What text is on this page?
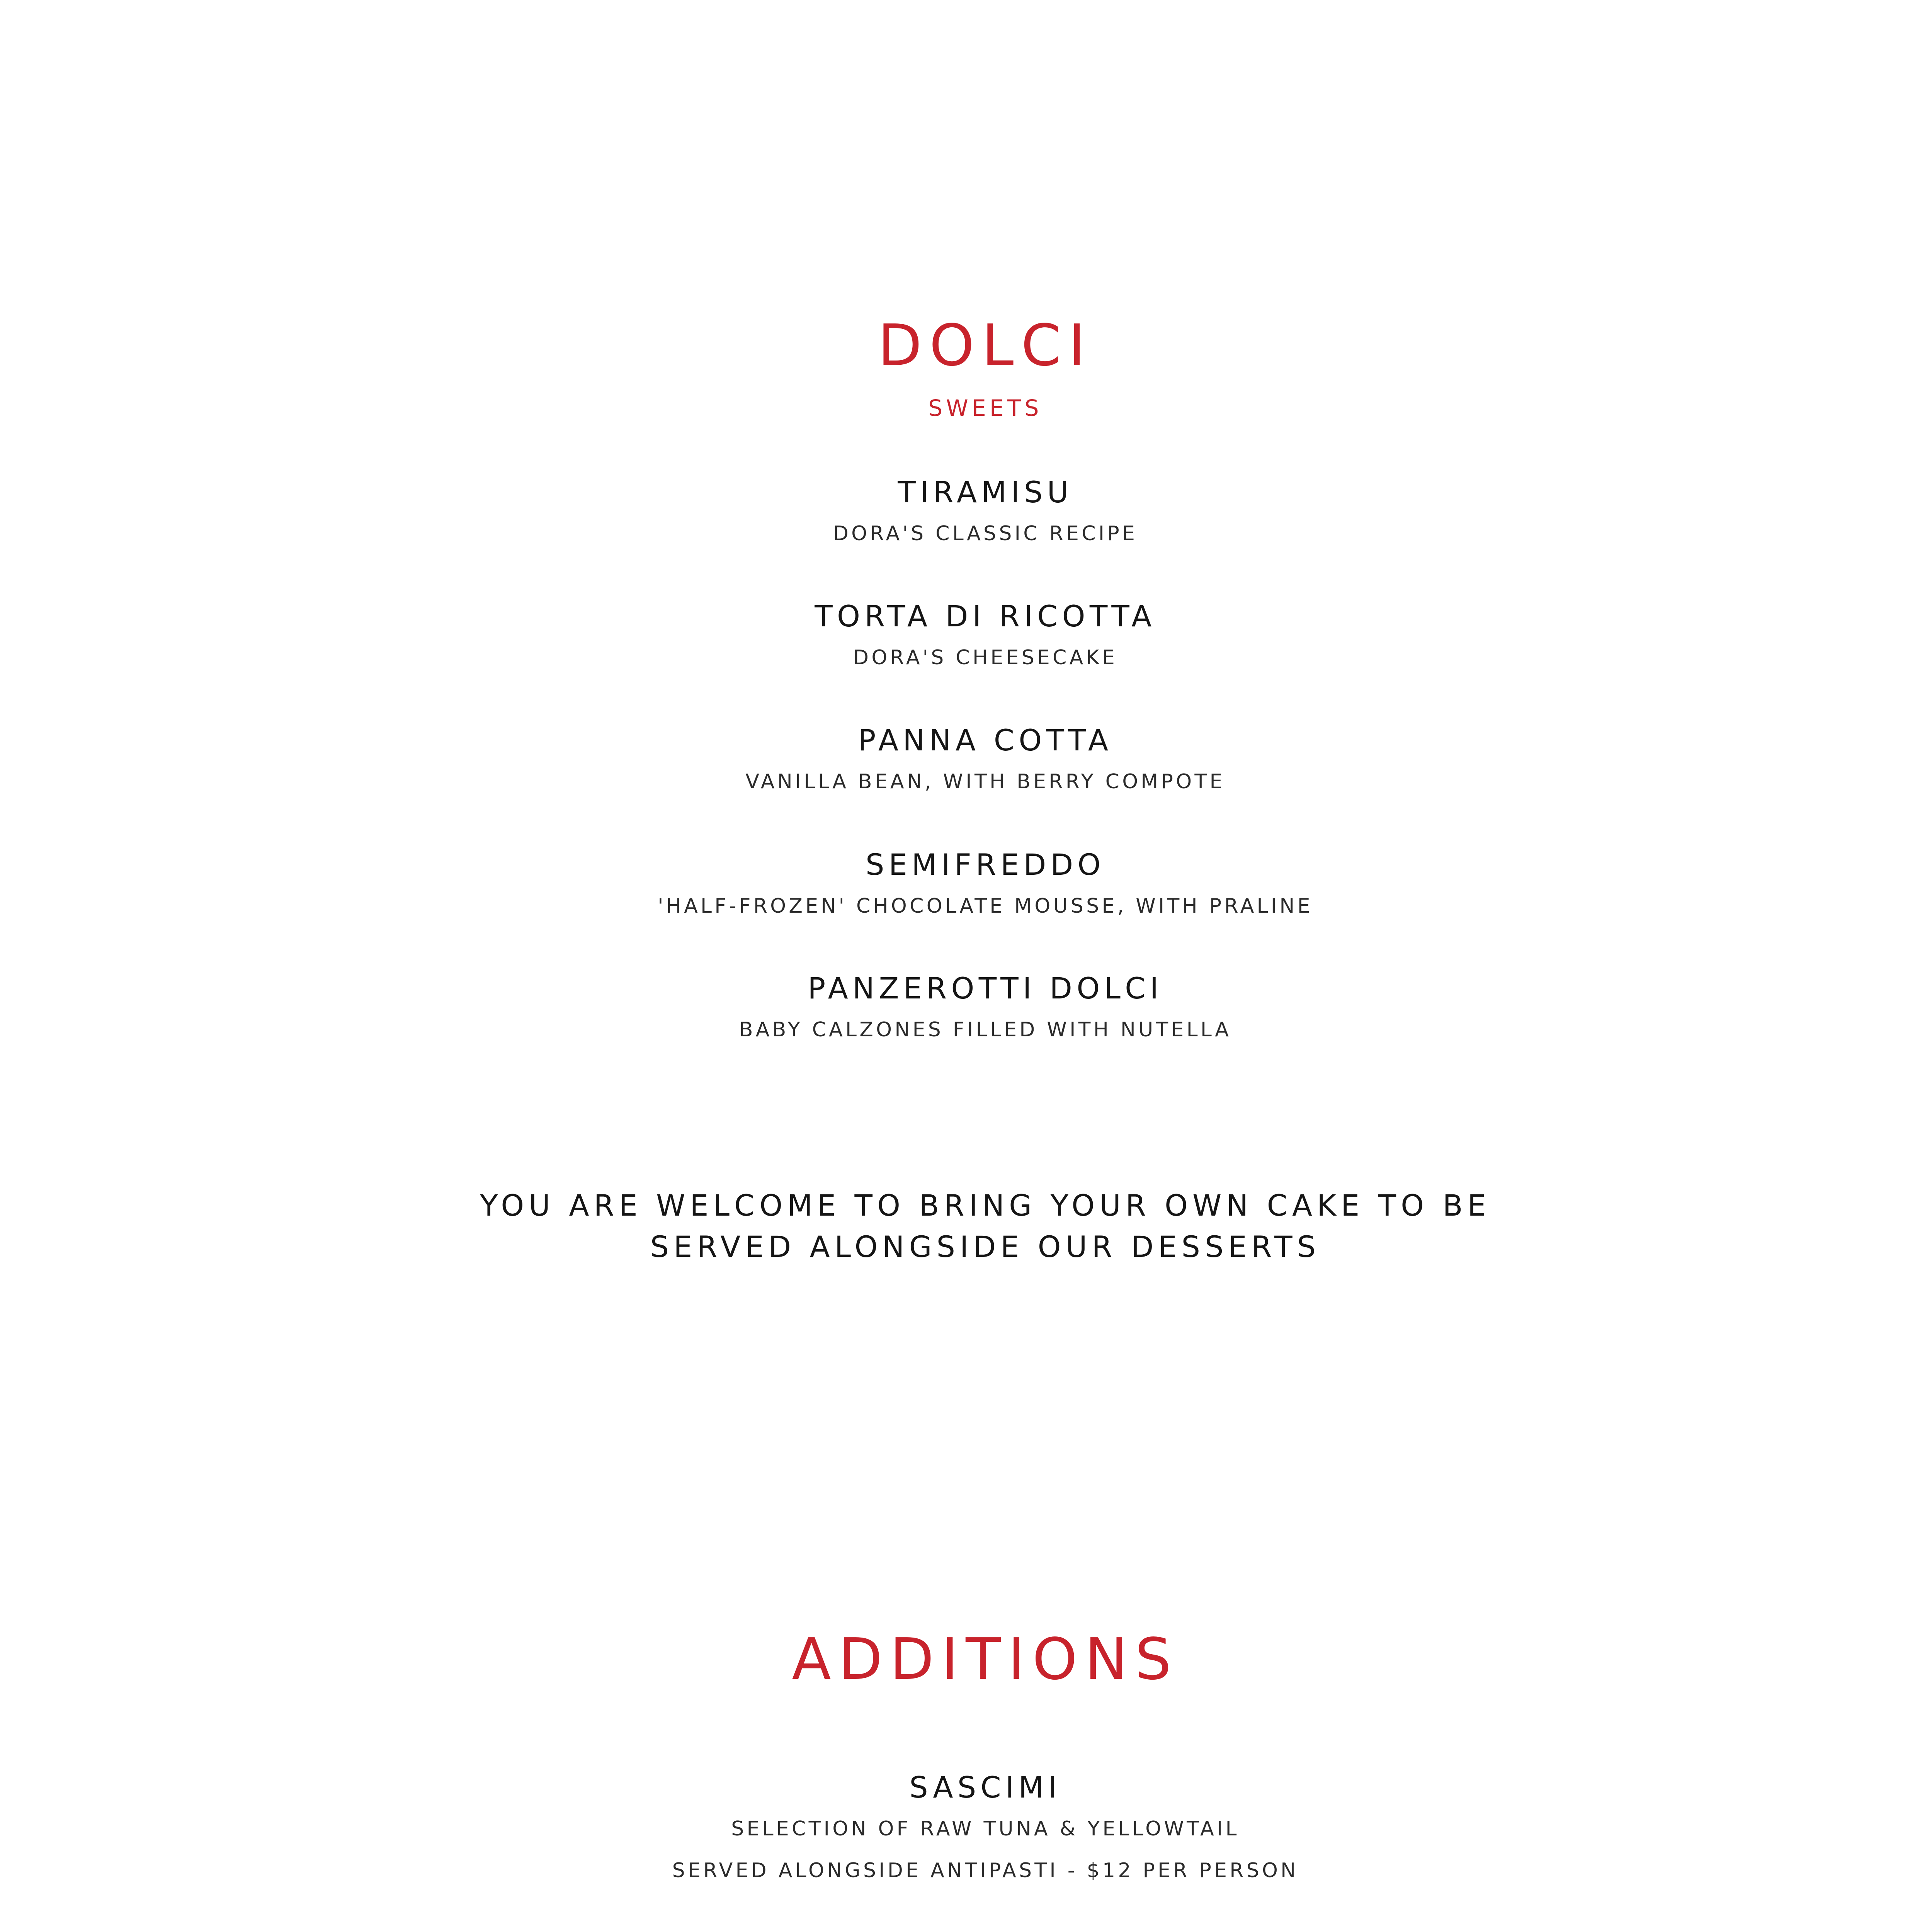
DOLCI
SWEETS
TIRAMISU
DORA'S CLASSIC RECIPE
TORTA DI RICOTTA
DORA'S CHEESECAKE
PANNA COTTA
VANILLA BEAN, WITH BERRY COMPOTE
SEMIFREDDO
'HALF-FROZEN' CHOCOLATE MOUSSE, WITH PRALINE
PANZEROTTI DOLCI
BABY CALZONES FILLED WITH NUTELLA
YOU ARE WELCOME TO BRING YOUR OWN CAKE TO BE
SERVED ALONGSIDE OUR DESSERTS
ADDITIONS
SASCIMI
SELECTION OF RAW TUNA & YELLOWTAIL
SERVED ALONGSIDE ANTIPASTI - $12 PER PERSON
